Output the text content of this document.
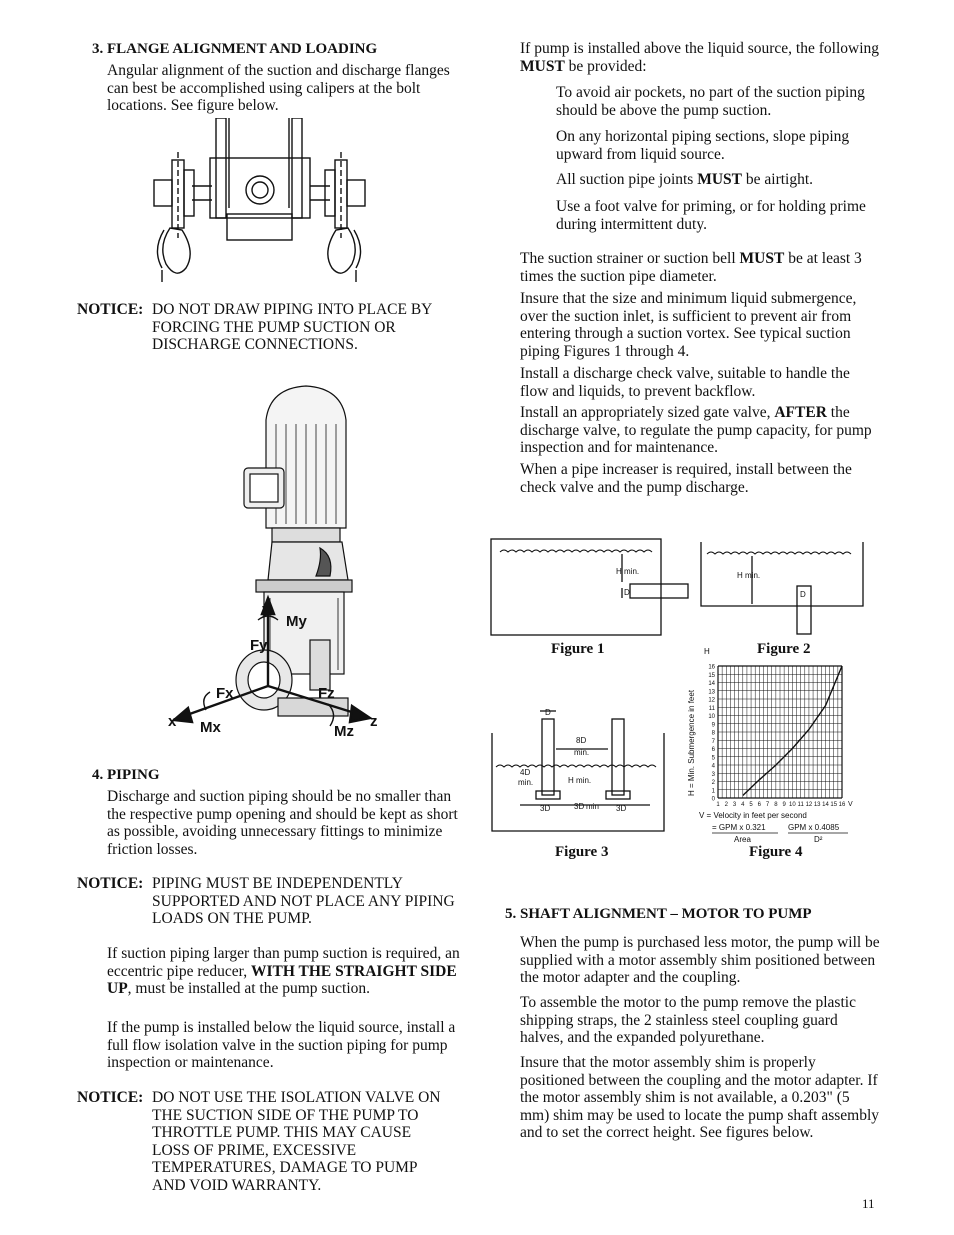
3. FLANGE ALIGNMENT AND LOADING
Angular alignment of the suction and discharge flanges can best be accomplished using calipers at the bolt locations. See figure below.
NOTICE: DO NOT DRAW PIPING INTO PLACE BY FORCING THE PUMP SUCTION OR DISCHARGE CONNECTIONS.
y
My
Fy
Fx	Fz
x Mx	Mz
z
4. PIPING
Discharge and suction piping should be no smaller than the respective pump opening and should be kept as short as possible, avoiding unnecessary fittings to minimize friction losses.
NOTICE: PIPING MUST BE INDEPENDENTLY SUPPORTED AND NOT PLACE ANY PIPING LOADS ON THE PUMP.
If suction piping larger than pump suction is required, an eccentric pipe reducer, WITH THE STRAIGHT SIDE UP, must be installed at the pump suction.
If the pump is installed below the liquid source, install a full flow isolation valve in the suction piping for pump inspection or maintenance.
NOTICE: DO NOT USE THE ISOLATION VALVE ON THE SUCTION SIDE OF THE PUMP TO THROTTLE PUMP. THIS MAY CAUSE LOSS OF PRIME, EXCESSIVE TEMPERATURES, DAMAGE TO PUMP AND VOID WARRANTY.
If pump is installed above the liquid source, the following MUST be provided:
To avoid air pockets, no part of the suction piping should be above the pump suction.
On any horizontal piping sections, slope piping upward from liquid source.
All suction pipe joints MUST be airtight.
Use a foot valve for priming, or for holding prime during intermittent duty.
The suction strainer or suction bell MUST be at least 3 times the suction pipe diameter.
Insure that the size and minimum liquid submergence, over the suction inlet, is sufficient to prevent air from entering through a suction vortex. See typical suction piping Figures 1 through 4.
Install a discharge check valve, suitable to handle the flow and liquids, to prevent backflow.
Install an appropriately sized gate valve, AFTER the discharge valve, to regulate the pump capacity, for pump inspection and for maintenance.
When a pipe increaser is required, install between the check valve and the pump discharge.
H min.
D
Figure 1
H min.
D
Figure 2
D
8D
min.
4D
min.	H min.
3D	3D min 3D
Figure 3
H
H = Min. Submergence in feet
0
1
2
3
4
5
6
7
8
9
10
11
12
13
14
15
16
1 2 3 4 5 6 7 8 9 10 11 12 13 14 15 16 V
V = Velocity in feet per second
= GPM x 0.321
Area
GPM x 0.4085
D²
Figure 4
5. SHAFT ALIGNMENT – MOTOR TO PUMP
When the pump is purchased less motor, the pump will be supplied with a motor assembly shim positioned between the motor adapter and the coupling.
To assemble the motor to the pump remove the plastic shipping straps, the 2 stainless steel coupling guard halves, and the expanded polyurethane.
Insure that the motor assembly shim is properly positioned between the coupling and the motor adapter. If the motor assembly shim is not available, a 0.203" (5 mm) shim may be used to locate the pump shaft assembly and to set the correct height. See figures below.
11
